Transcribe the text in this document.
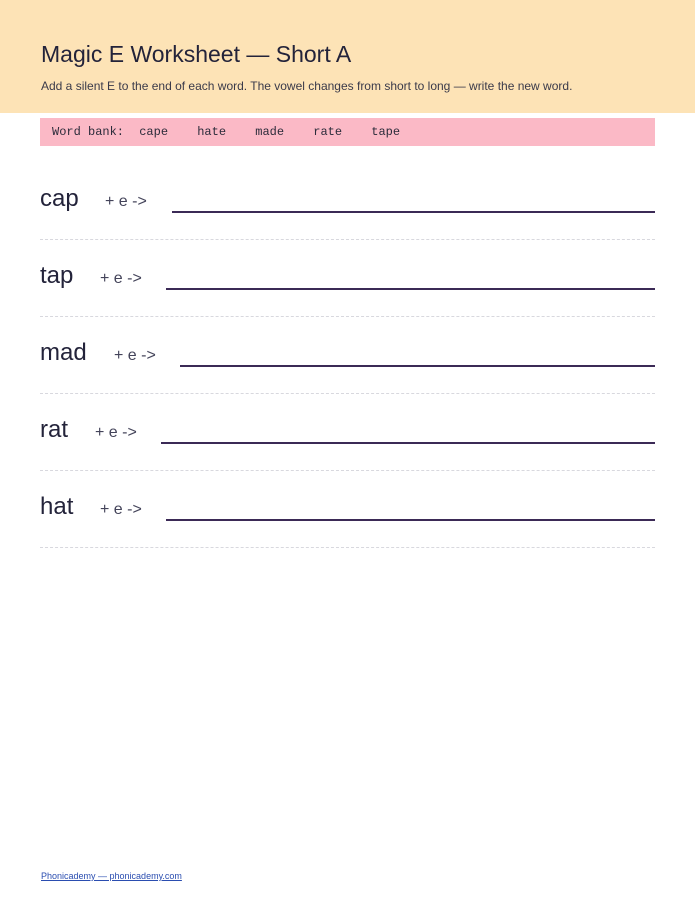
Magic E Worksheet — Short A
Add a silent E to the end of each word. The vowel changes from short to long — write the new word.
Word bank: cape hate made rate tape
cap + e ->
tap + e ->
mad + e ->
rat + e ->
hat + e ->
Phonicademy — phonicademy.com
